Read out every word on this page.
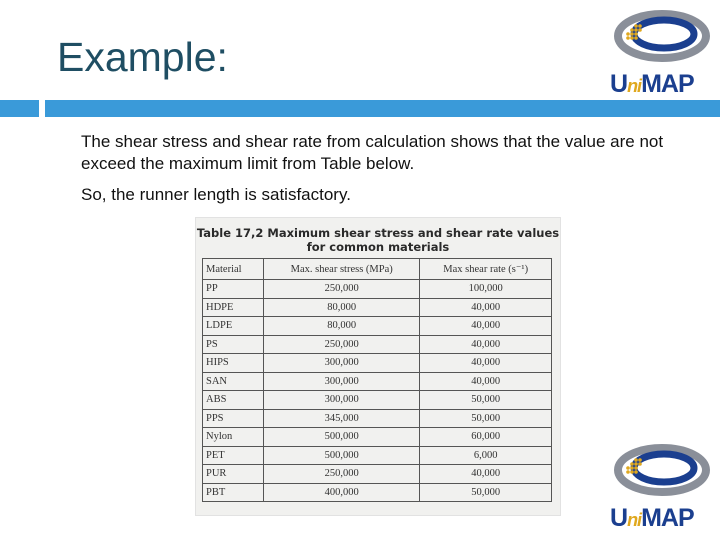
Example:

The shear stress and shear rate from calculation shows that the value are not exceed the maximum limit from Table below.

So, the runner length is satisfactory.

UniMAP
Table 17,2 Maximum shear stress and shear rate values
for common materials
Material	Max. shear stress (MPa)	Max shear rate (s⁻¹)
PP	250,000	100,000
HDPE	80,000	40,000
LDPE	80,000	40,000
PS	250,000	40,000
HIPS	300,000	40,000
SAN	300,000	40,000
ABS	300,000	50,000
PPS	345,000	50,000
Nylon	500,000	60,000
PET	500,000	6,000
PUR	250,000	40,000
PBT	400,000	50,000
UniMAP
